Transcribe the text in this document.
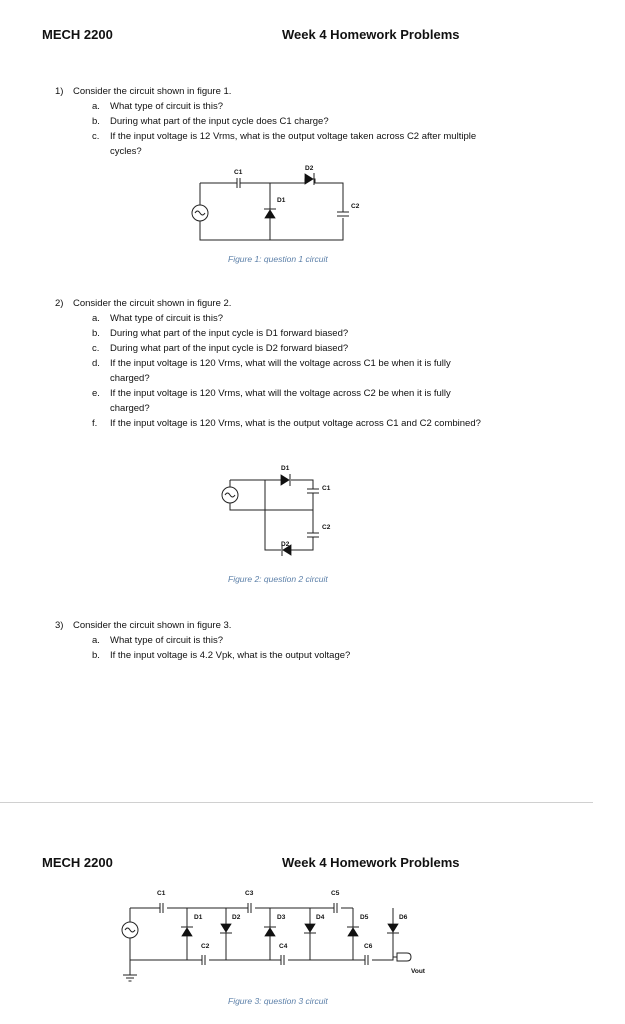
MECH 2200	Week 4 Homework Problems
1) Consider the circuit shown in figure 1.
a. What type of circuit is this?
b. During what part of the input cycle does C1 charge?
c. If the input voltage is 12 Vrms, what is the output voltage taken across C2 after multiple
cycles?
C1
D1
D2
C2
Figure 1: question 1 circuit
2) Consider the circuit shown in figure 2.
a. What type of circuit is this?
b. During what part of the input cycle is D1 forward biased?
c. During what part of the input cycle is D2 forward biased?
d. If the input voltage is 120 Vrms, what will the voltage across C1 be when it is fully
charged?
e. If the input voltage is 120 Vrms, what will the voltage across C2 be when it is fully
charged?
f. If the input voltage is 120 Vrms, what is the output voltage across C1 and C2 combined?
D1
C1
C2
D2
Figure 2: question 2 circuit
3) Consider the circuit shown in figure 3.
a. What type of circuit is this?
b. If the input voltage is 4.2 Vpk, what is the output voltage?
MECH 2200	Week 4 Homework Problems
C1	C3	C5
D1	D2	D3	D4	D5	D6
C2	C4	C6
Vout
Figure 3: question 3 circuit
